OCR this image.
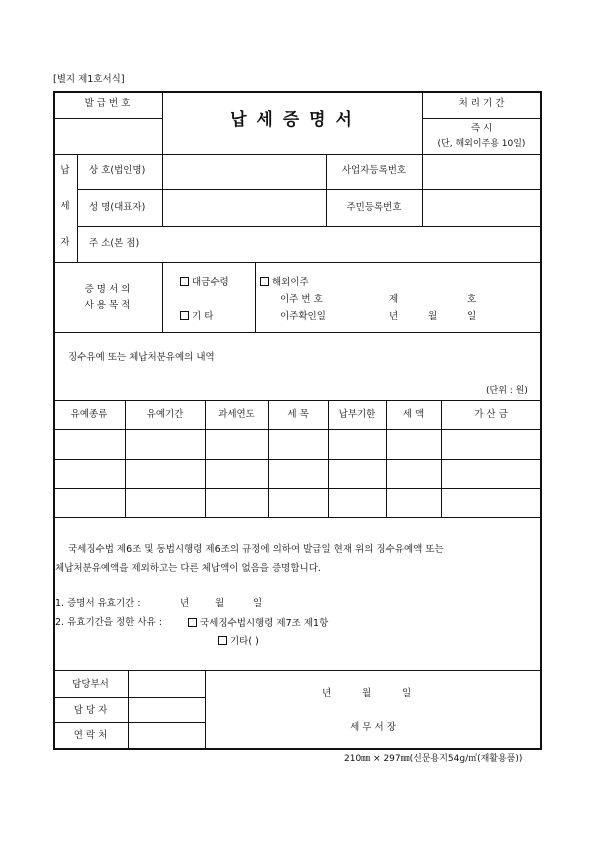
[별지 제1호서식]
발 급 번 호
납 세 증 명 서
처 리 기 간
즉 시
(단, 해외이주용 10일)
납
세
자
상 호(법인명)	사업자등록번호
성 명(대표자)	주민등록번호
주 소(본 점)
증 명 서 의
사 용 목 적
대금수령
기 타
해외이주
이주 번 호	제	호
이주확인일	년	월	일
징수유예 또는 체납처분유예의 내역
(단위 : 원)
유예종류	유예기간	과세연도	세 목	납부기한	세 액	가 산 금
국세징수법 제6조 및 동법시행령 제6조의 규정에 의하여 발급일 현재 위의 징수유예액 또는
체납처분유예액을 제외하고는 다른 체납액이 없음을 증명합니다.
1. 증명서 유효기간 :	년	월	일
2. 유효기간을 정한 사유 :	국세징수법시행령 제7조 제1항
기타( )
담당부서
담 당 자
연 락 처
년	월	일
세 무 서 장
210㎜ × 297㎜(신문용지54g/㎡(재활용품))
